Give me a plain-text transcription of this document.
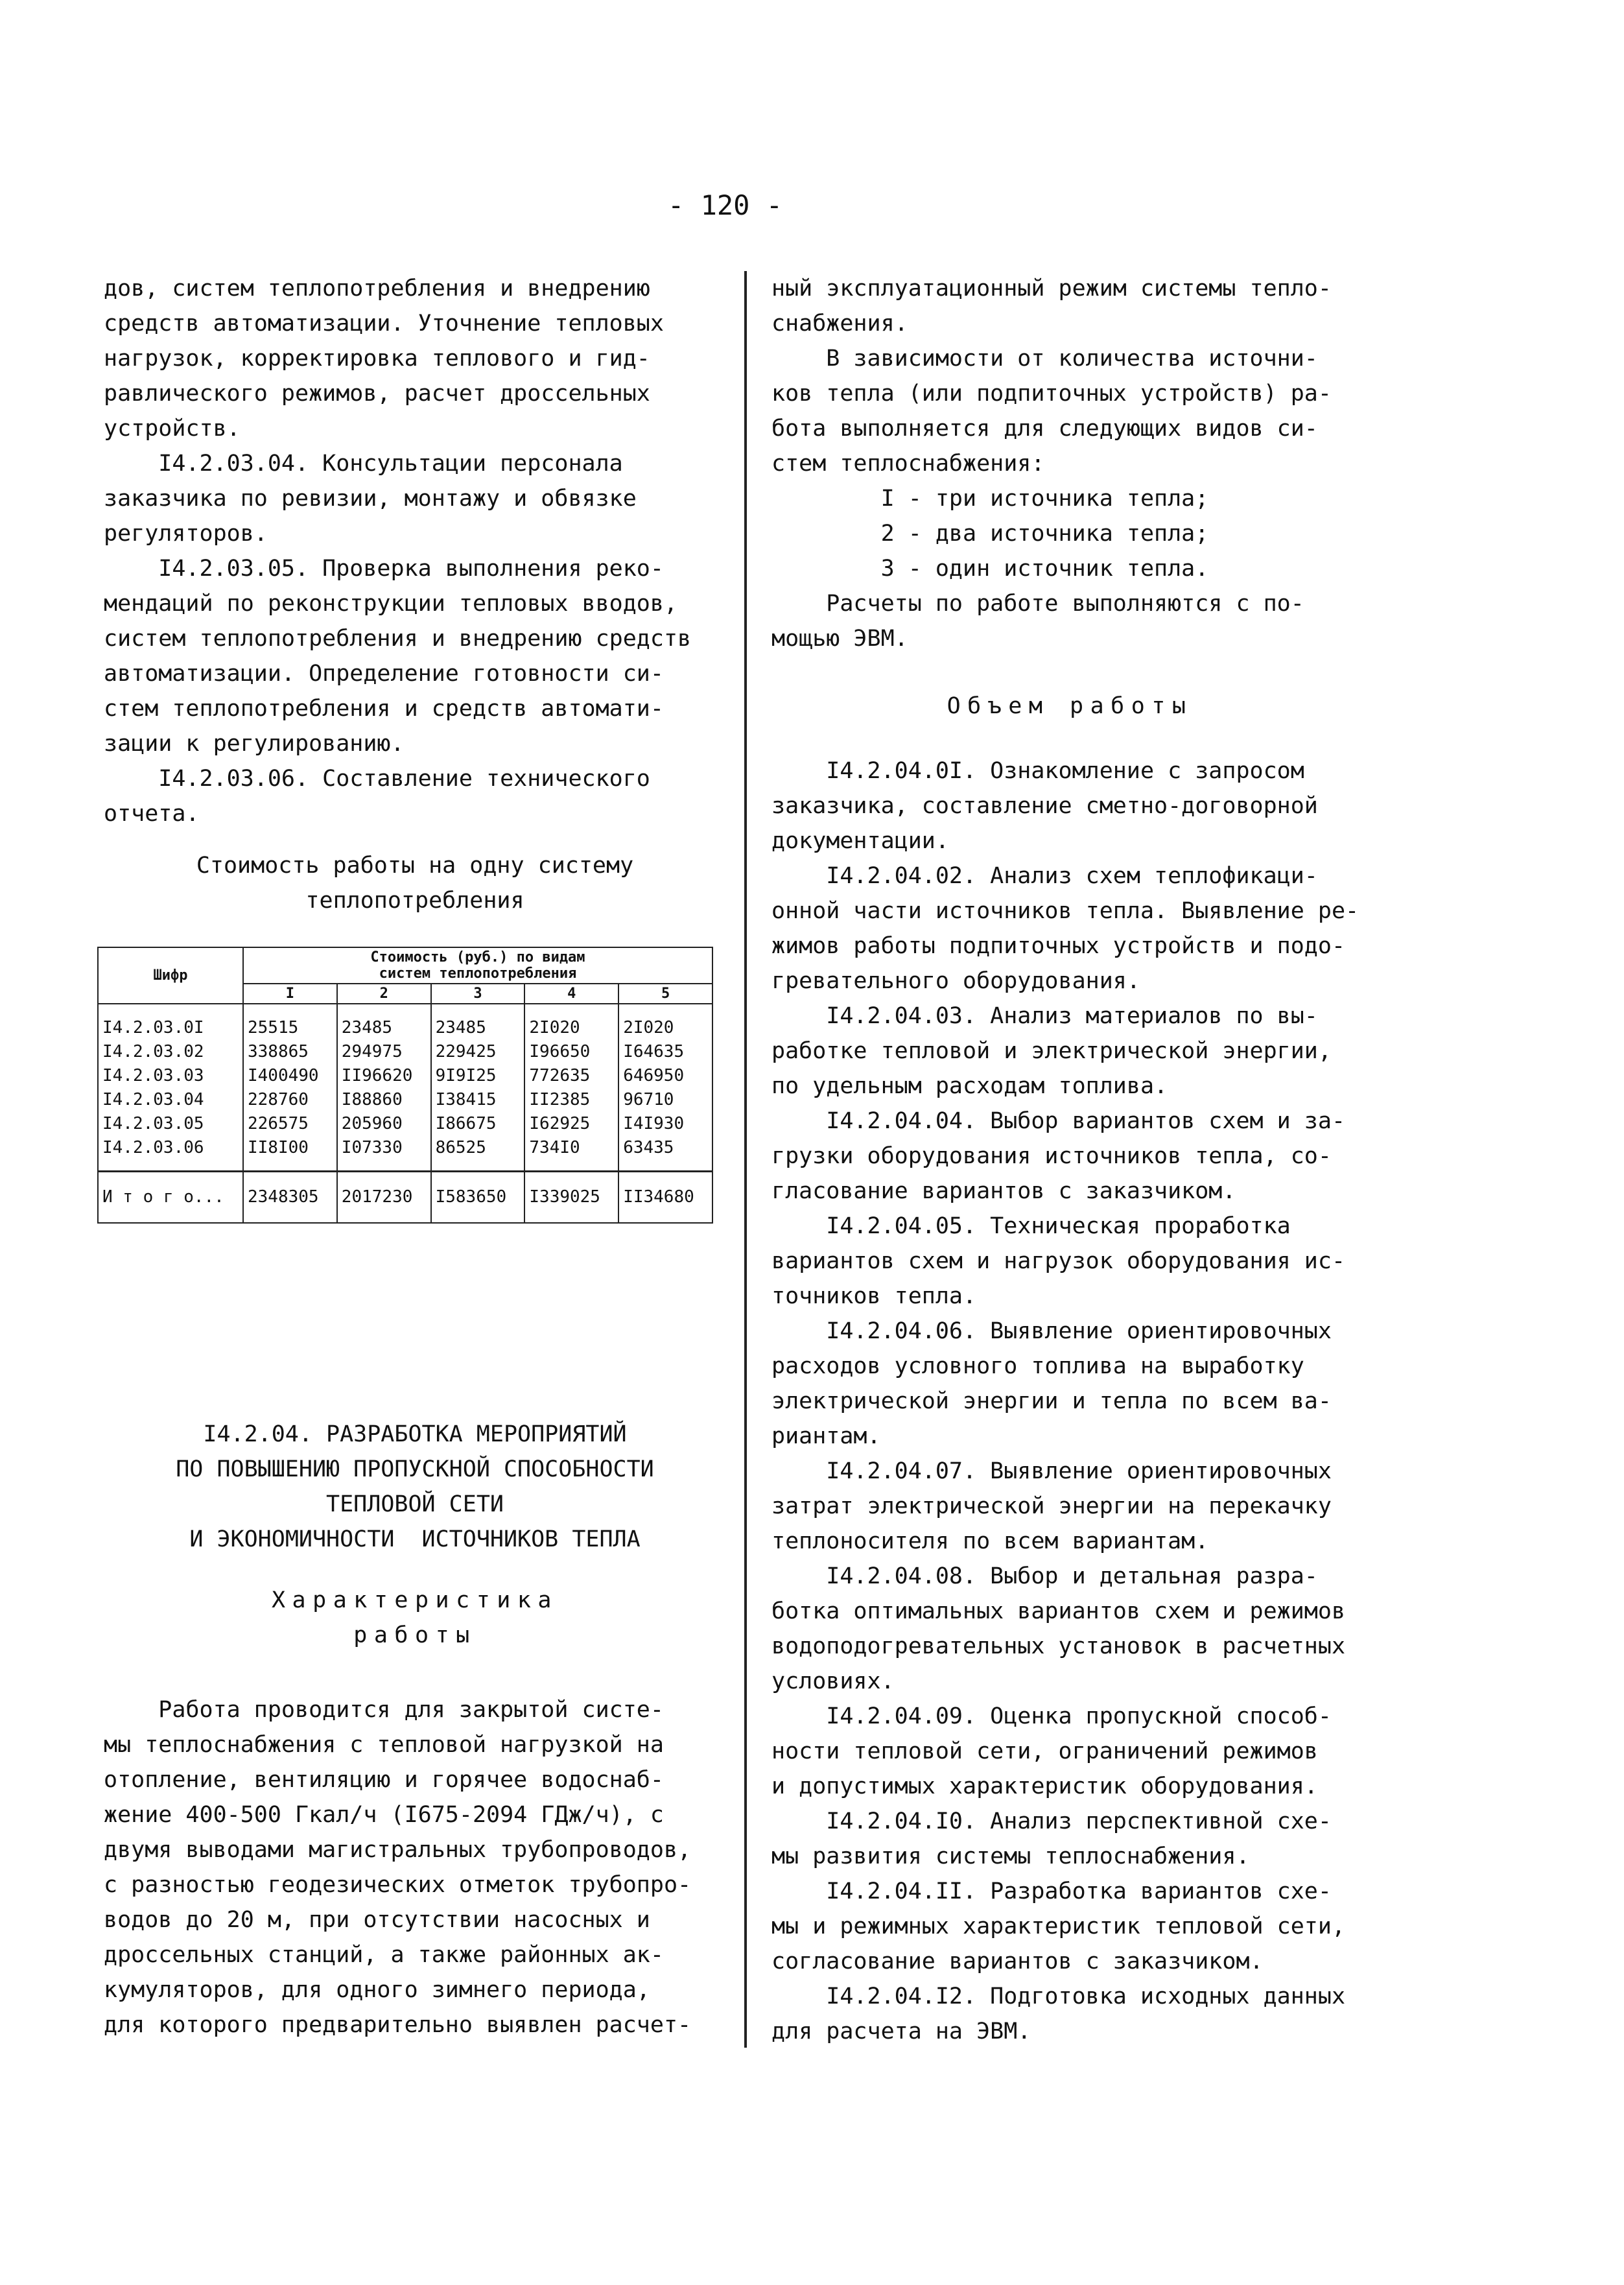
- 120 -

дов, систем теплопотребления и внедрению

средств автоматизации. Уточнение тепловых

нагрузок, корректировка теплового и гид-

равлического режимов, расчет дроссельных

устройств.

I4.2.03.04. Консультации персонала

заказчика по ревизии, монтажу и обвязке

регуляторов.

I4.2.03.05. Проверка выполнения реко-

мендаций по реконструкции тепловых вводов,

систем теплопотребления и внедрению средств

автоматизации. Определение готовности си-

стем теплопотребления и средств автомати-

зации к регулированию.

I4.2.03.06. Составление технического

отчета.

Стоимость работы на одну систему

теплопотребления

Шифр	Стоимость (руб.) по видам
систем теплопотребления				
	I	2	3	4	5
I4.2.03.0I	25515	23485	23485	2I020	2I020
I4.2.03.02	338865	294975	229425	I96650	I64635
I4.2.03.03	I400490	II96620	9I9I25	772635	646950
I4.2.03.04	228760	I88860	I38415	II2385	96710
I4.2.03.05	226575	205960	I86675	I62925	I4I930
I4.2.03.06	II8I00	I07330	86525	734I0	63435
И т о г о...	2348305	2017230	I583650	I339025	II34680

I4.2.04. РАЗРАБОТКА МЕРОПРИЯТИЙ

ПО ПОВЫШЕНИЮ ПРОПУСКНОЙ СПОСОБНОСТИ

ТЕПЛОВОЙ СЕТИ

И ЭКОНОМИЧНОСТИ  ИСТОЧНИКОВ ТЕПЛА

Характеристика

работы

Работа проводится для закрытой систе-

мы теплоснабжения с тепловой нагрузкой на

отопление, вентиляцию и горячее водоснаб-

жение 400-500 Гкал/ч (I675-2094 ГДж/ч), с

двумя выводами магистральных трубопроводов,

с разностью геодезических отметок трубопро-

водов до 20 м, при отсутствии насосных и

дроссельных станций, а также районных ак-

кумуляторов, для одного зимнего периода,

для которого предварительно выявлен расчет-

ный эксплуатационный режим системы тепло-

снабжения.

В зависимости от количества источни-

ков тепла (или подпиточных устройств) ра-

бота выполняется для следующих видов си-

стем теплоснабжения:

I - три источника тепла;

2 - два источника тепла;

3 - один источник тепла.

Расчеты по работе выполняются с по-

мощью ЭВМ.

Объем работы

I4.2.04.0I. Ознакомление с запросом

заказчика, составление сметно-договорной

документации.

I4.2.04.02. Анализ схем теплофикаци-

онной части источников тепла. Выявление ре-

жимов работы подпиточных устройств и подо-

гревательного оборудования.

I4.2.04.03. Анализ материалов по вы-

работке тепловой и электрической энергии,

по удельным расходам топлива.

I4.2.04.04. Выбор вариантов схем и за-

грузки оборудования источников тепла, со-

гласование вариантов с заказчиком.

I4.2.04.05. Техническая проработка

вариантов схем и нагрузок оборудования ис-

точников тепла.

I4.2.04.06. Выявление ориентировочных

расходов условного топлива на выработку

электрической энергии и тепла по всем ва-

риантам.

I4.2.04.07. Выявление ориентировочных

затрат электрической энергии на перекачку

теплоносителя по всем вариантам.

I4.2.04.08. Выбор и детальная разра-

ботка оптимальных вариантов схем и режимов

водоподогревательных установок в расчетных

условиях.

I4.2.04.09. Оценка пропускной способ-

ности тепловой сети, ограничений режимов

и допустимых характеристик оборудования.

I4.2.04.I0. Анализ перспективной схе-

мы развития системы теплоснабжения.

I4.2.04.II. Разработка вариантов схе-

мы и режимных характеристик тепловой сети,

согласование вариантов с заказчиком.

I4.2.04.I2. Подготовка исходных данных

для расчета на ЭВМ.
